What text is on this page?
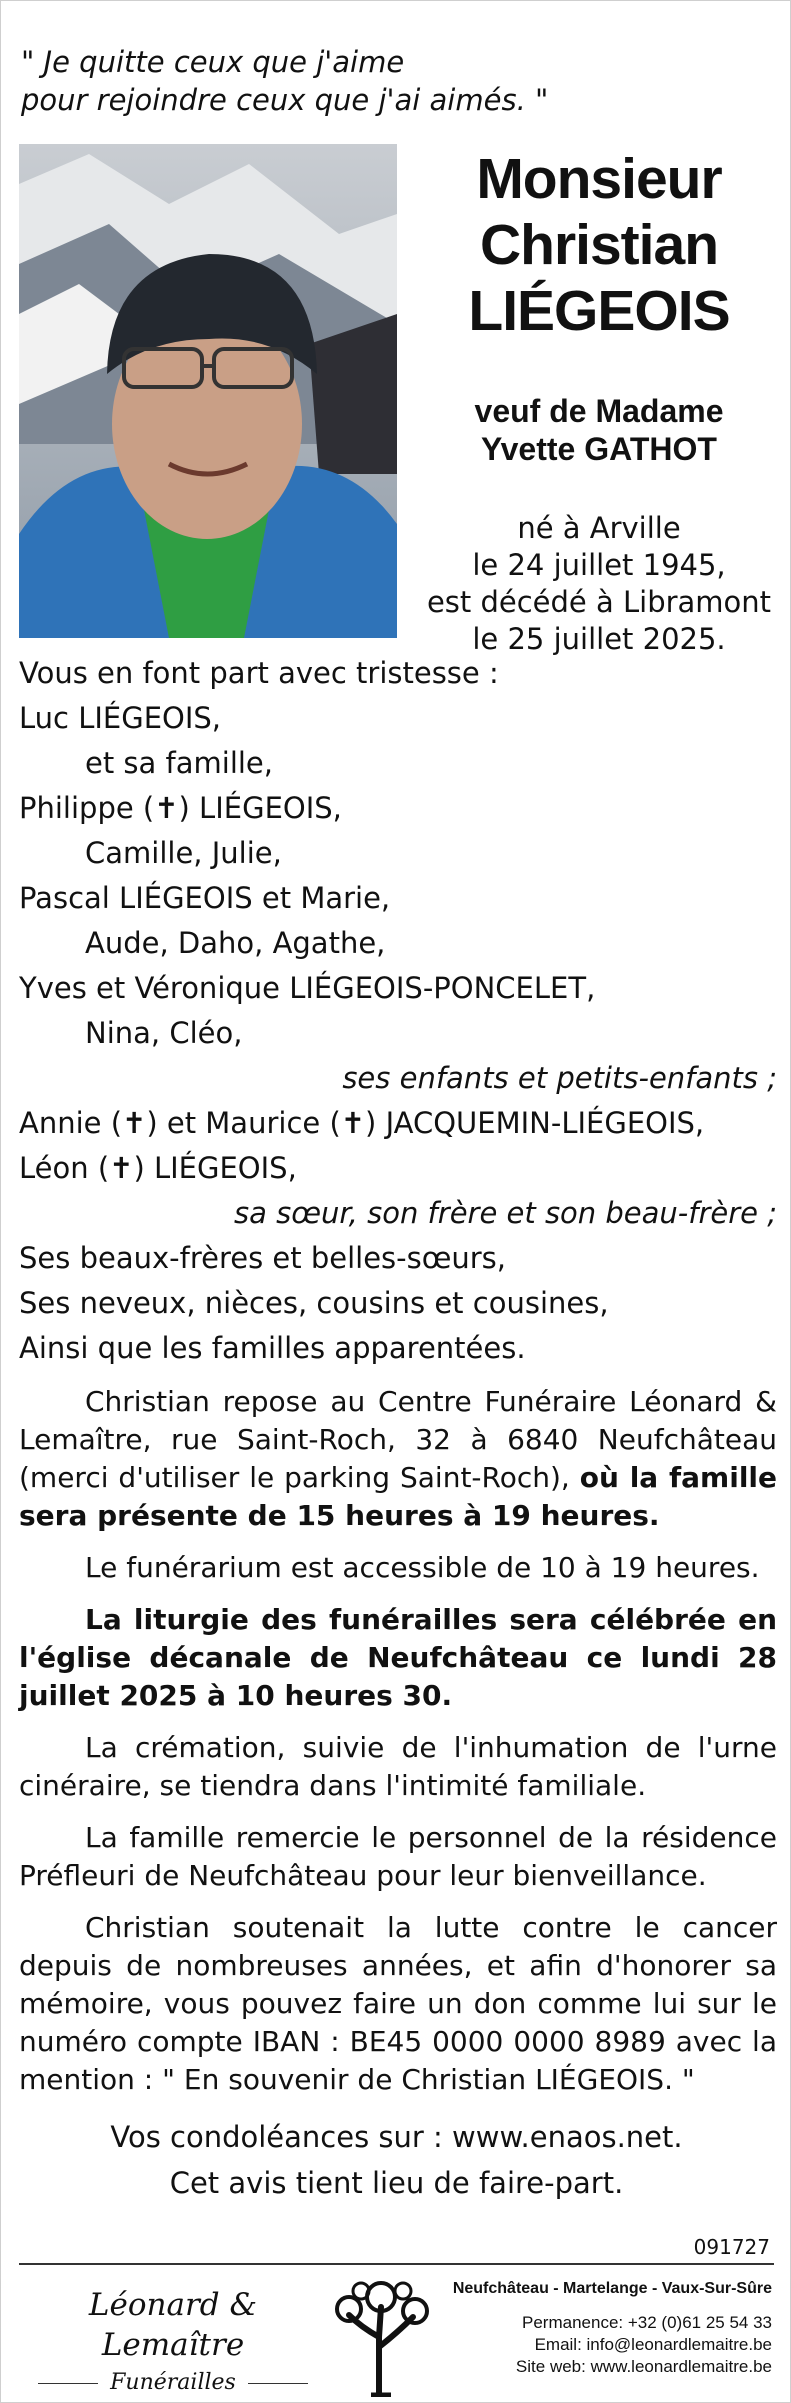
" Je quitte ceux que j'aime
pour rejoindre ceux que j'ai aimés. "
Monsieur
Christian
LIÉGEOIS
veuf de Madame
Yvette GATHOT
né à Arville
le 24 juillet 1945,
est décédé à Libramont
le 25 juillet 2025.
Vous en font part avec tristesse :
Luc LIÉGEOIS,
et sa famille,
Philippe (✝) LIÉGEOIS,
Camille, Julie,
Pascal LIÉGEOIS et Marie,
Aude, Daho, Agathe,
Yves et Véronique LIÉGEOIS-PONCELET,
Nina, Cléo,
ses enfants et petits-enfants ;
Annie (✝) et Maurice (✝) JACQUEMIN-LIÉGEOIS,
Léon (✝) LIÉGEOIS,
sa sœur, son frère et son beau-frère ;
Ses beaux-frères et belles-sœurs,
Ses neveux, nièces, cousins et cousines,
Ainsi que les familles apparentées.

Christian repose au Centre Funéraire Léonard & Lemaître, rue Saint-Roch, 32 à 6840 Neufchâteau (merci d'utiliser le parking Saint-Roch), où la famille sera présente de 15 heures à 19 heures.

Le funérarium est accessible de 10 à 19 heures.

La liturgie des funérailles sera célébrée en l'église décanale de Neufchâteau ce lundi 28 juillet 2025 à 10 heures 30.

La crémation, suivie de l'inhumation de l'urne cinéraire, se tiendra dans l'intimité familiale.

La famille remercie le personnel de la résidence Préfleuri de Neufchâteau pour leur bienveillance.

Christian soutenait la lutte contre le cancer depuis de nombreuses années, et afin d'honorer sa mémoire, vous pouvez faire un don comme lui sur le numéro compte IBAN : BE45 0000 0000 8989 avec la mention : " En souvenir de Christian LIÉGEOIS. "

Vos condoléances sur : www.enaos.net.
Cet avis tient lieu de faire-part.
091727
Léonard & Lemaître
Funérailles
Neufchâteau - Martelange - Vaux-Sur-Sûre
Permanence: +32 (0)61 25 54 33
Email: info@leonardlemaitre.be
Site web: www.leonardlemaitre.be
